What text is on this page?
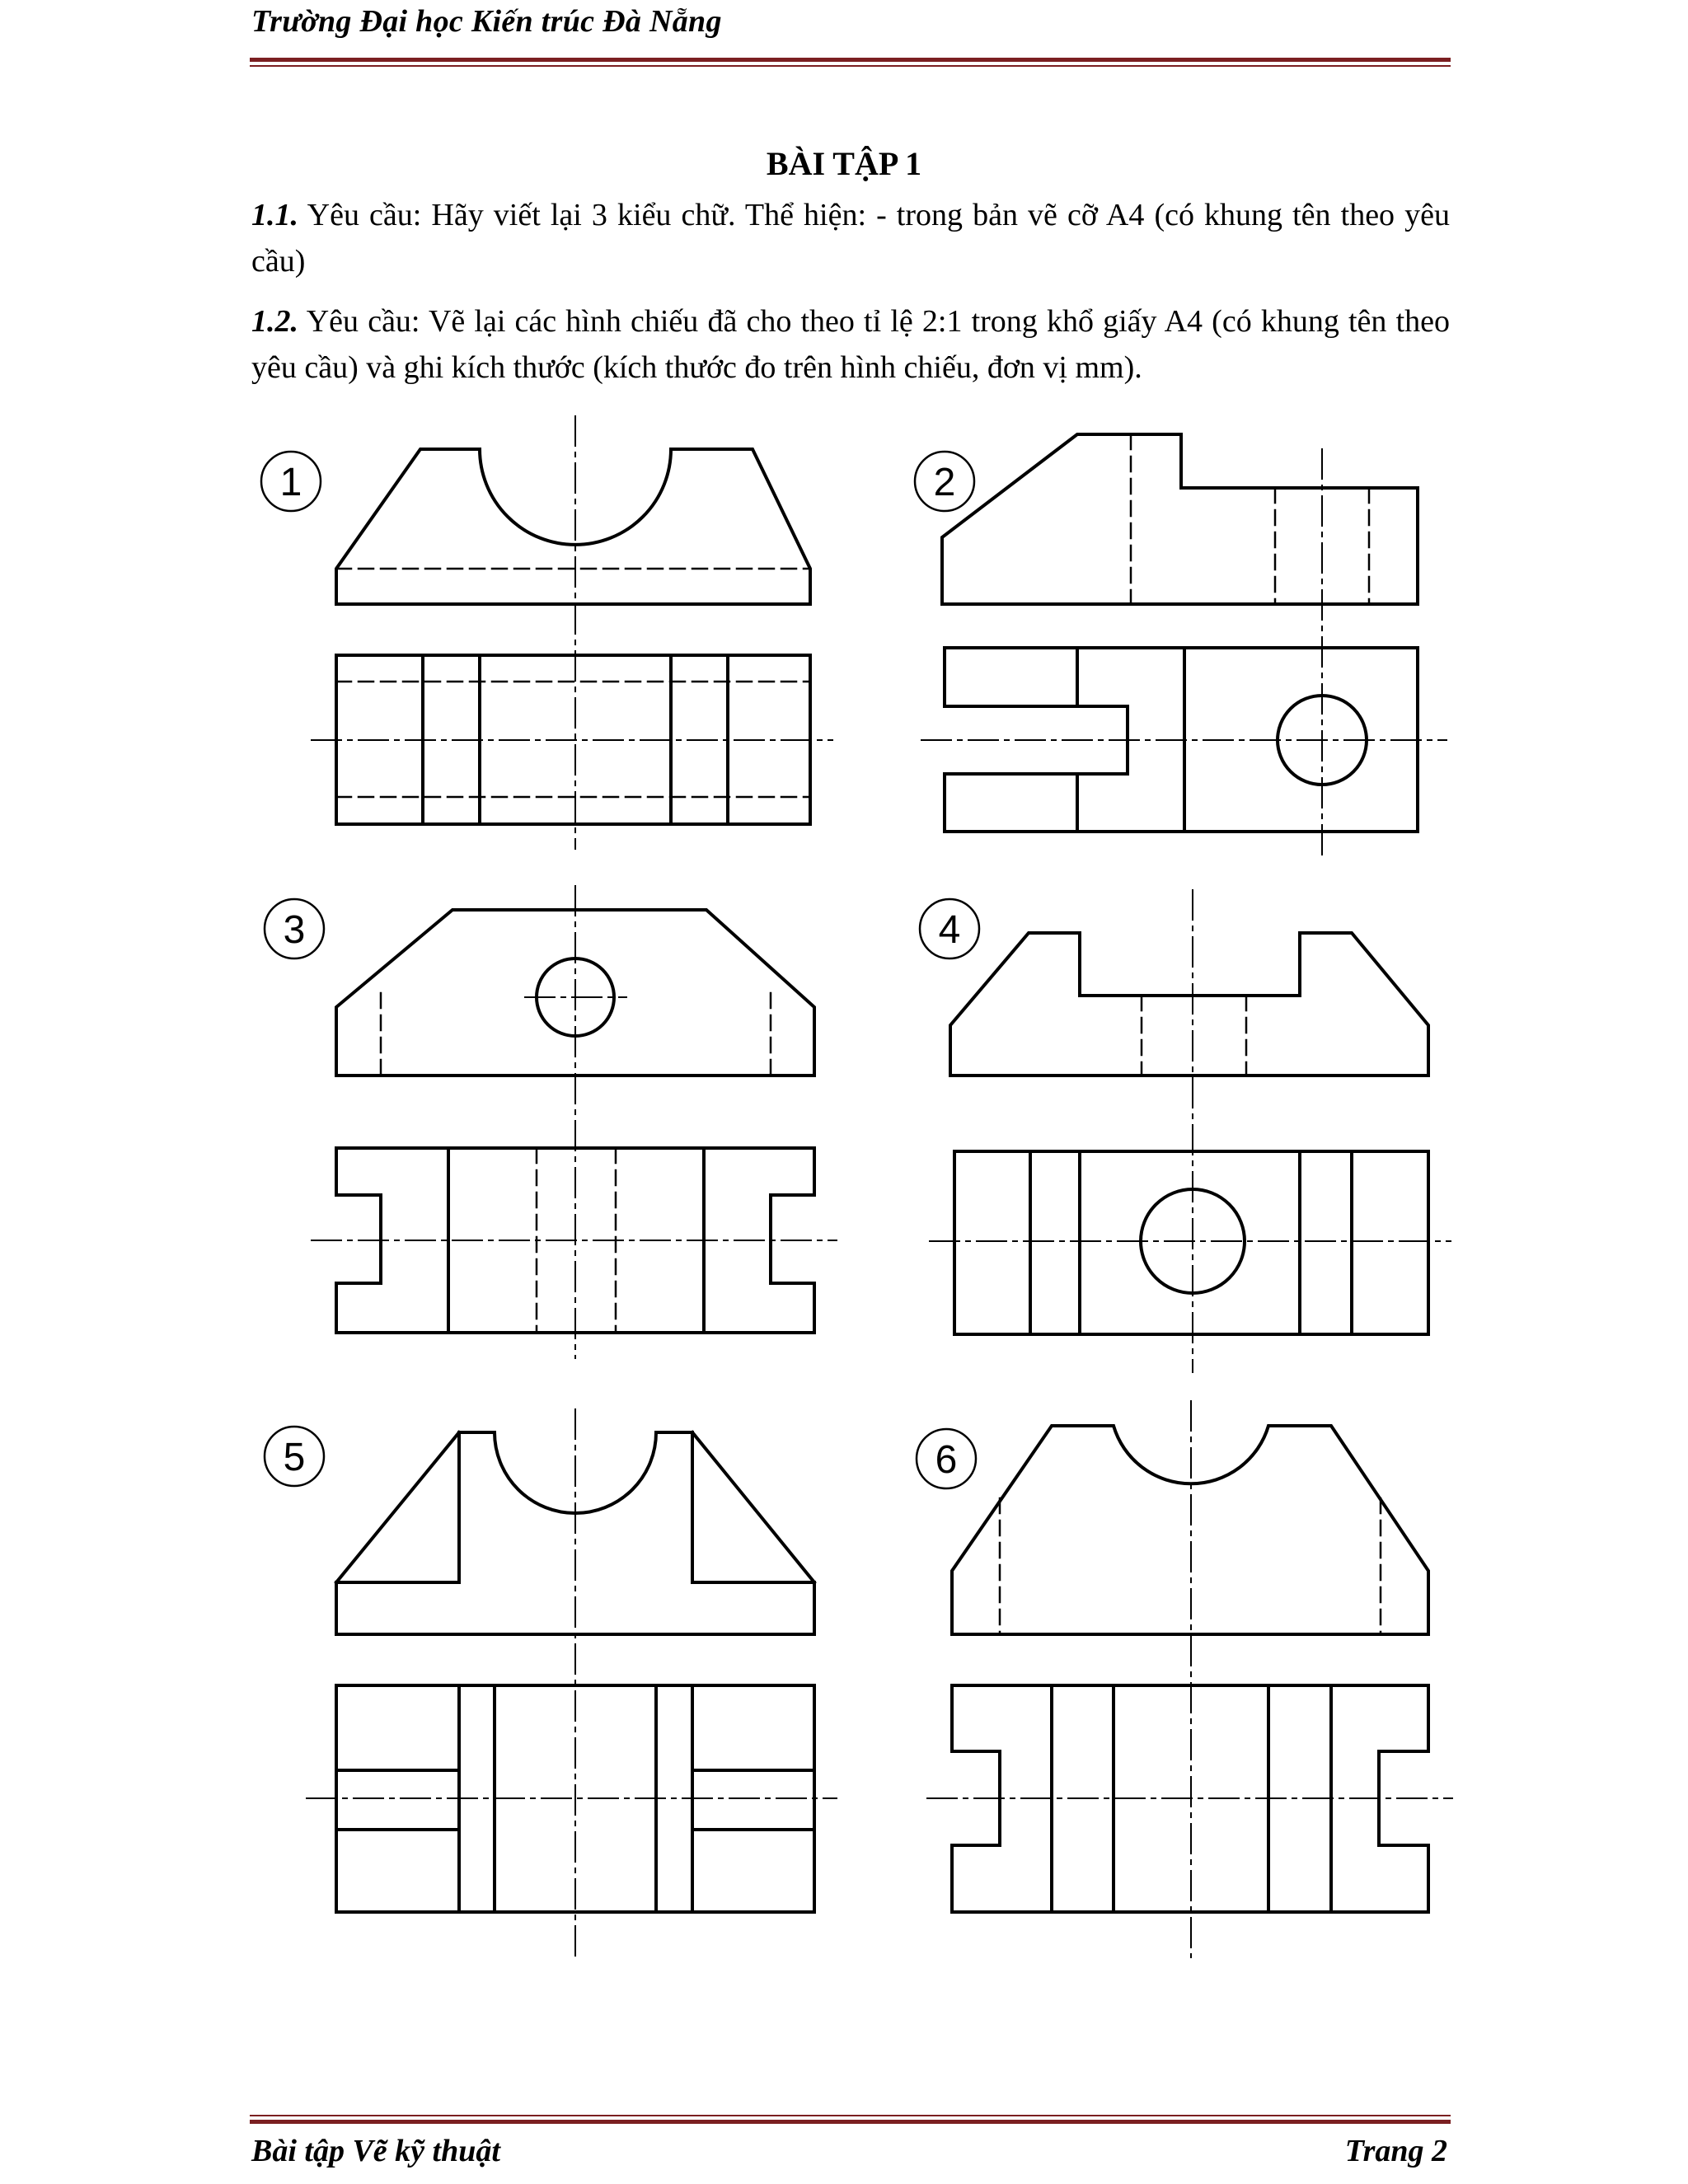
Trường Đại học Kiến trúc Đà Nẵng
BÀI TẬP 1
1.1. Yêu cầu: Hãy viết lại 3 kiểu chữ. Thể hiện: - trong bản vẽ cỡ A4 (có khung tên theo yêu cầu)
1.2. Yêu cầu: Vẽ lại các hình chiếu đã cho theo tỉ lệ 2:1 trong khổ giấy A4 (có khung tên theo yêu cầu) và ghi kích thước (kích thước đo trên hình chiếu, đơn vị mm).
1	2
3	4
5	6
Bài tập Vẽ kỹ thuật	Trang 2
